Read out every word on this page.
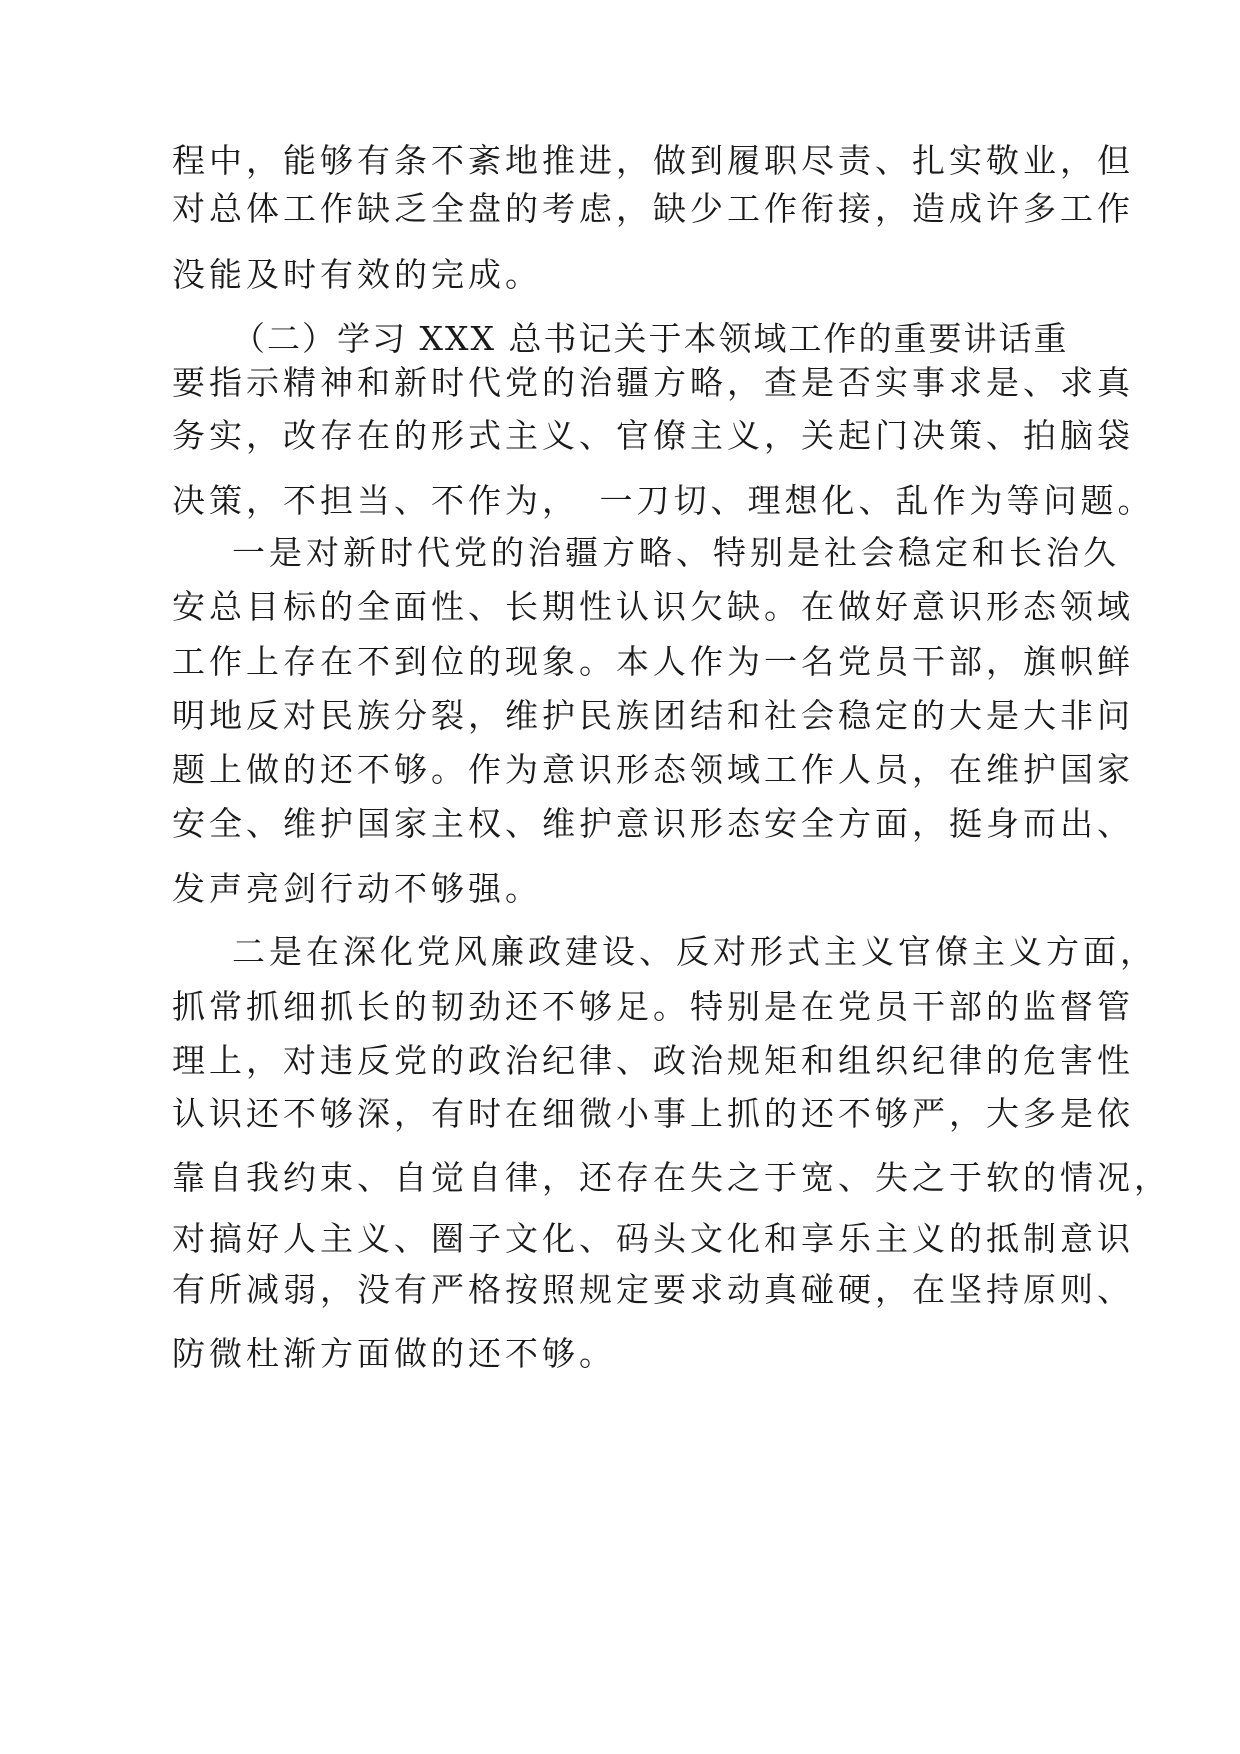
程中，能够有条不紊地推进，做到履职尽责、扎实敬业，但
对总体工作缺乏全盘的考虑，缺少工作衔接，造成许多工作
没能及时有效的完成。
（二）学习 XXX 总书记关于本领域工作的重要讲话重
要指示精神和新时代党的治疆方略，查是否实事求是、求真
务实，改存在的形式主义、官僚主义，关起门决策、拍脑袋
决策，不担当、不作为，　一刀切、理想化、乱作为等问题。
一是对新时代党的治疆方略、特别是社会稳定和长治久
安总目标的全面性、长期性认识欠缺。在做好意识形态领域
工作上存在不到位的现象。本人作为一名党员干部，旗帜鲜
明地反对民族分裂，维护民族团结和社会稳定的大是大非问
题上做的还不够。作为意识形态领域工作人员，在维护国家
安全、维护国家主权、维护意识形态安全方面，挺身而出、
发声亮剑行动不够强。
二是在深化党风廉政建设、反对形式主义官僚主义方面，
抓常抓细抓长的韧劲还不够足。特别是在党员干部的监督管
理上，对违反党的政治纪律、政治规矩和组织纪律的危害性
认识还不够深，有时在细微小事上抓的还不够严，大多是依
靠自我约束、自觉自律，还存在失之于宽、失之于软的情况，
对搞好人主义、圈子文化、码头文化和享乐主义的抵制意识
有所减弱，没有严格按照规定要求动真碰硬，在坚持原则、
防微杜渐方面做的还不够。
